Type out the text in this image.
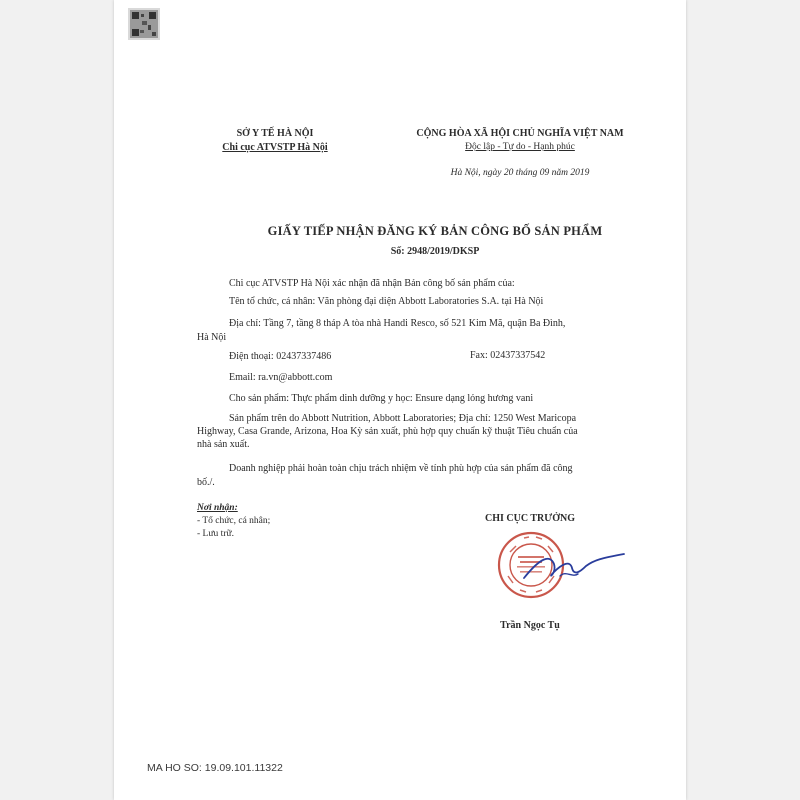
SỞ Y TẾ HÀ NỘI
Chi cục ATVSTP Hà Nội
CỘNG HÒA XÃ HỘI CHỦ NGHĨA VIỆT NAM
Độc lập - Tự do - Hạnh phúc
Hà Nội, ngày 20 tháng 09 năm 2019
GIẤY TIẾP NHẬN ĐĂNG KÝ BẢN CÔNG BỐ SẢN PHẨM
Số: 2948/2019/DKSP
Chi cục ATVSTP Hà Nội xác nhận đã nhận Bản công bố sản phẩm của:
Tên tổ chức, cá nhân: Văn phòng đại diện Abbott Laboratories S.A. tại Hà Nội
Địa chỉ: Tầng 7, tầng 8 tháp A tòa nhà Handi Resco, số 521 Kim Mã, quận Ba Đình,
Hà Nội
Điện thoại: 02437337486	Fax: 02437337542
Email: ra.vn@abbott.com
Cho sản phẩm: Thực phẩm dinh dưỡng y học: Ensure dạng lỏng hương vani
Sản phẩm trên do Abbott Nutrition, Abbott Laboratories; Địa chỉ: 1250 West Maricopa
Highway, Casa Grande, Arizona, Hoa Kỳ sản xuất, phù hợp quy chuẩn kỹ thuật Tiêu chuẩn của
nhà sản xuất.
Doanh nghiệp phải hoàn toàn chịu trách nhiệm về tính phù hợp của sản phẩm đã công
bố./.
Nơi nhận:
- Tổ chức, cá nhân;
- Lưu trữ.
CHI CỤC TRƯỞNG
Trần Ngọc Tụ
MA HO SO: 19.09.101.11322
